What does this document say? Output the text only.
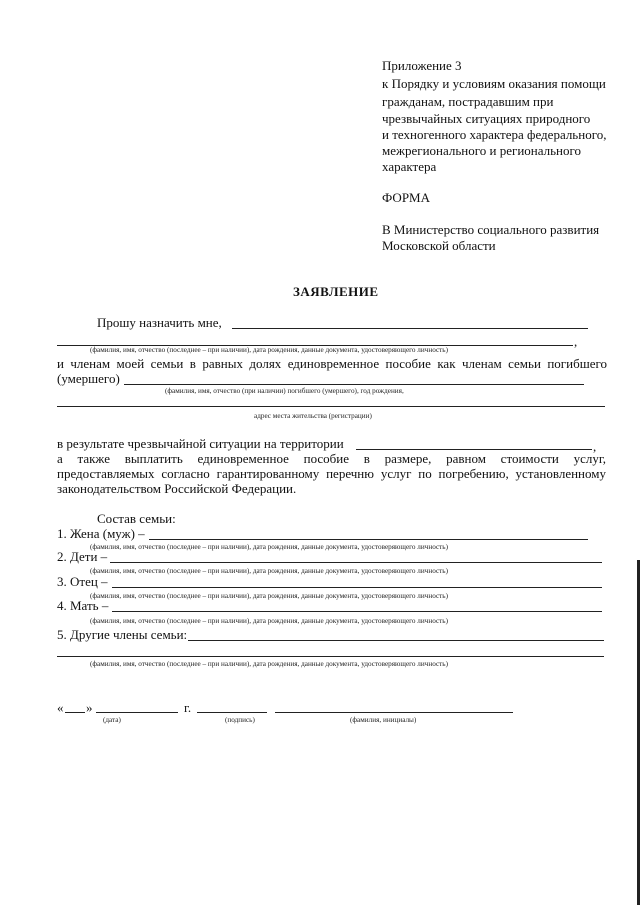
Приложение 3
к Порядку и условиям оказания помощи
гражданам, пострадавшим при
чрезвычайных ситуациях природного
и техногенного характера федерального,
межрегионального и регионального
характера
ФОРМА
В Министерство социального развития
Московской области
ЗАЯВЛЕНИЕ
Прошу назначить мне,
,
(фамилия, имя, отчество (последнее – при наличии), дата рождения, данные документа, удостоверяющего личность)
и членам моей семьи в равных долях единовременное пособие как членам семьи погибшего
(умершего)
(фамилия, имя, отчество (при наличии) погибшего (умершего), год рождения,
адрес места жительства (регистрации)
в результате чрезвычайной ситуации на территории	,
а также выплатить единовременное пособие в размере, равном стоимости услуг,
предоставляемых согласно гарантированному перечню услуг по погребению, установленному
законодательством Российской Федерации.
Состав семьи:
1. Жена (муж) –
(фамилия, имя, отчество (последнее – при наличии), дата рождения, данные документа, удостоверяющего личность)
2. Дети –
(фамилия, имя, отчество (последнее – при наличии), дата рождения, данные документа, удостоверяющего личность)
3. Отец –
(фамилия, имя, отчество (последнее – при наличии), дата рождения, данные документа, удостоверяющего личность)
4. Мать –
(фамилия, имя, отчество (последнее – при наличии), дата рождения, данные документа, удостоверяющего личность)
5. Другие члены семьи:
(фамилия, имя, отчество (последнее – при наличии), дата рождения, данные документа, удостоверяющего личность)
« »	г.
(дата)	(подпись)	(фамилия, инициалы)
